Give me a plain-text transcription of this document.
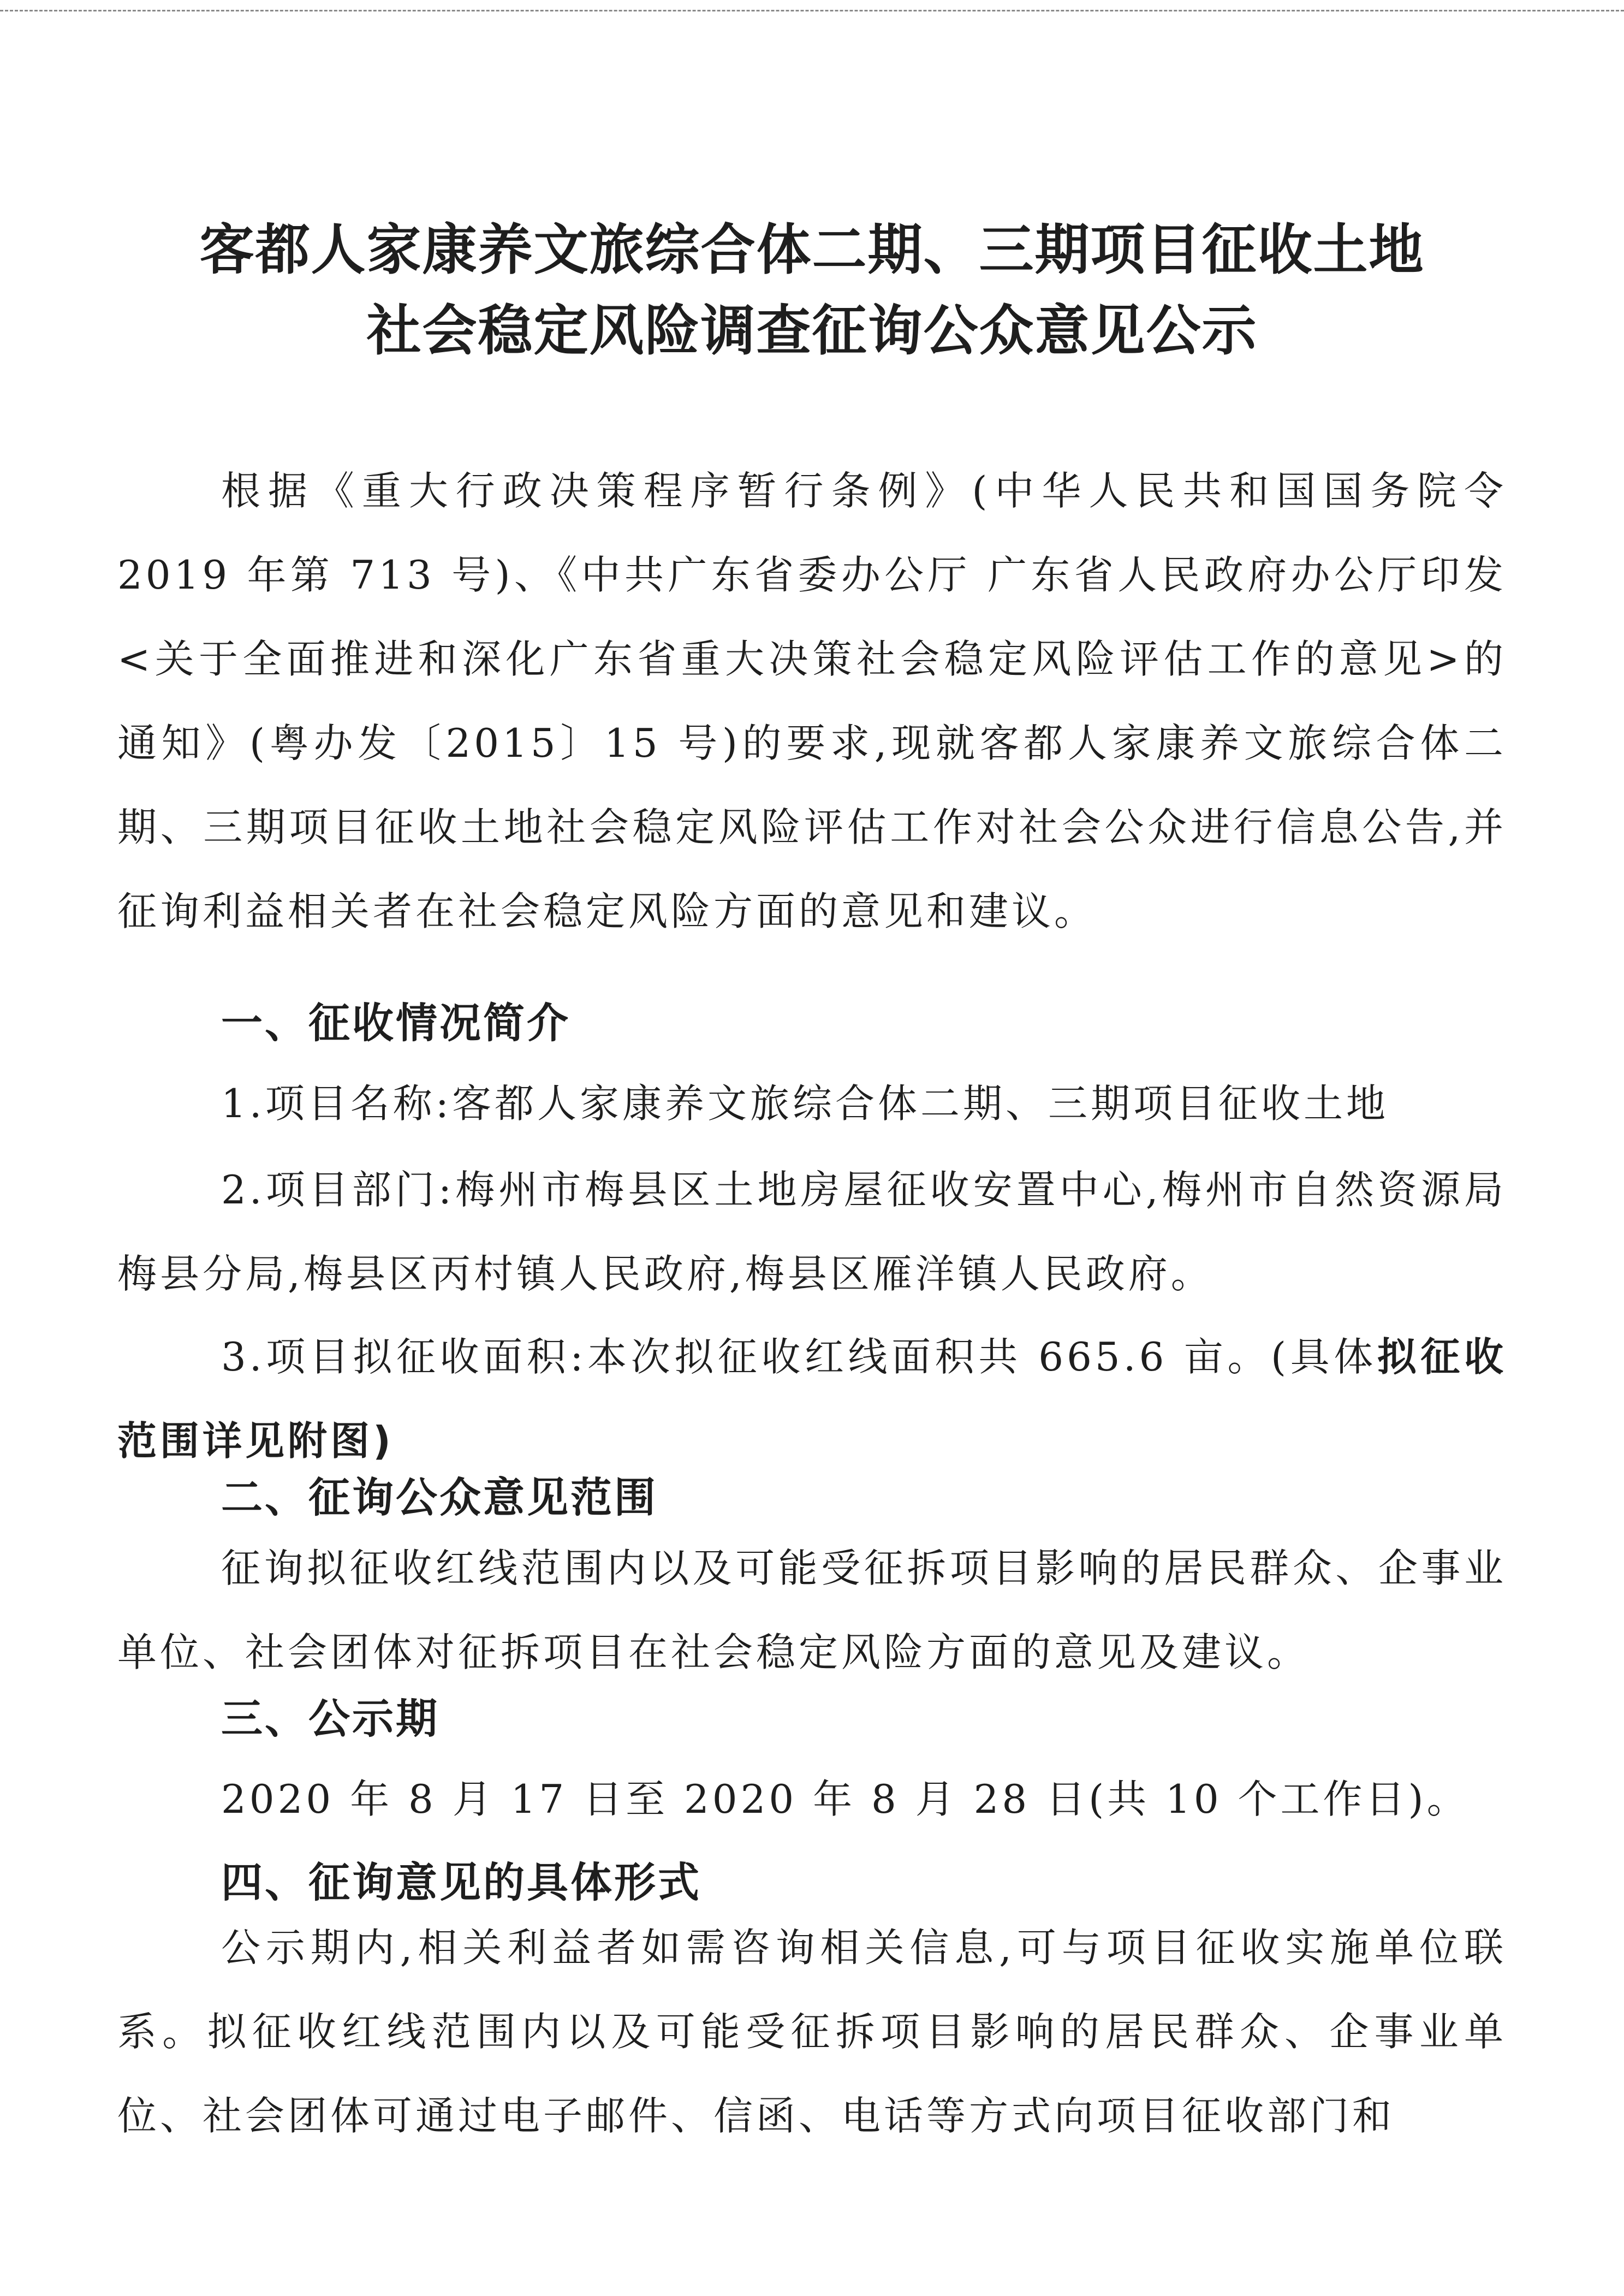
客都人家康养文旅综合体二期、三期项目征收土地
社会稳定风险调查征询公众意见公示

根据《重大行政决策程序暂行条例》(中华人民共和国国务院令 2019 年第 713 号)、《中共广东省委办公厅 广东省人民政府办公厅印发<关于全面推进和深化广东省重大决策社会稳定风险评估工作的意见>的通知》(粤办发〔2015〕15 号)的要求,现就客都人家康养文旅综合体二期、三期项目征收土地社会稳定风险评估工作对社会公众进行信息公告,并征询利益相关者在社会稳定风险方面的意见和建议。

一、征收情况简介
1.项目名称:客都人家康养文旅综合体二期、三期项目征收土地

2.项目部门:梅州市梅县区土地房屋征收安置中心,梅州市自然资源局梅县分局,梅县区丙村镇人民政府,梅县区雁洋镇人民政府。

3.项目拟征收面积:本次拟征收红线面积共 665.6 亩。(具体拟征收范围详见附图)

二、征询公众意见范围

征询拟征收红线范围内以及可能受征拆项目影响的居民群众、企事业单位、社会团体对征拆项目在社会稳定风险方面的意见及建议。

三、公示期
2020 年 8 月 17 日至 2020 年 8 月 28 日(共 10 个工作日)。
四、征询意见的具体形式

公示期内,相关利益者如需咨询相关信息,可与项目征收实施单位联系。拟征收红线范围内以及可能受征拆项目影响的居民群众、企事业单位、社会团体可通过电子邮件、信函、电话等方式向项目征收部门和
